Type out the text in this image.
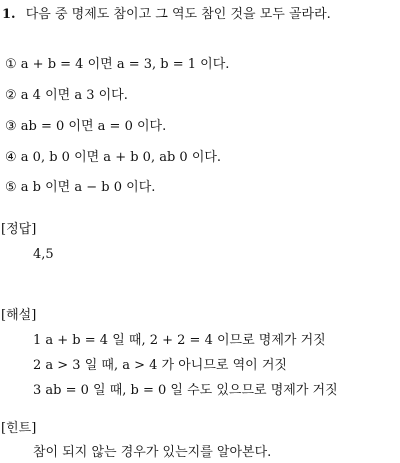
1. 다음 중 명제도 참이고 그 역도 참인 것을 모두 골라라.
① a + b = 4 이면 a = 3, b = 1 이다.
② a 4 이면 a 3 이다.
③ ab = 0 이면 a = 0 이다.
④ a 0, b 0 이면 a + b 0, ab 0 이다.
⑤ a b 이면 a − b 0 이다.
[정답]
4,5
[해설]
1 a + b = 4 일 때, 2 + 2 = 4 이므로 명제가 거짓
2 a > 3 일 때, a > 4 가 아니므로 역이 거짓
3 ab = 0 일 때, b = 0 일 수도 있으므로 명제가 거짓
[힌트]
참이 되지 않는 경우가 있는지를 알아본다.
